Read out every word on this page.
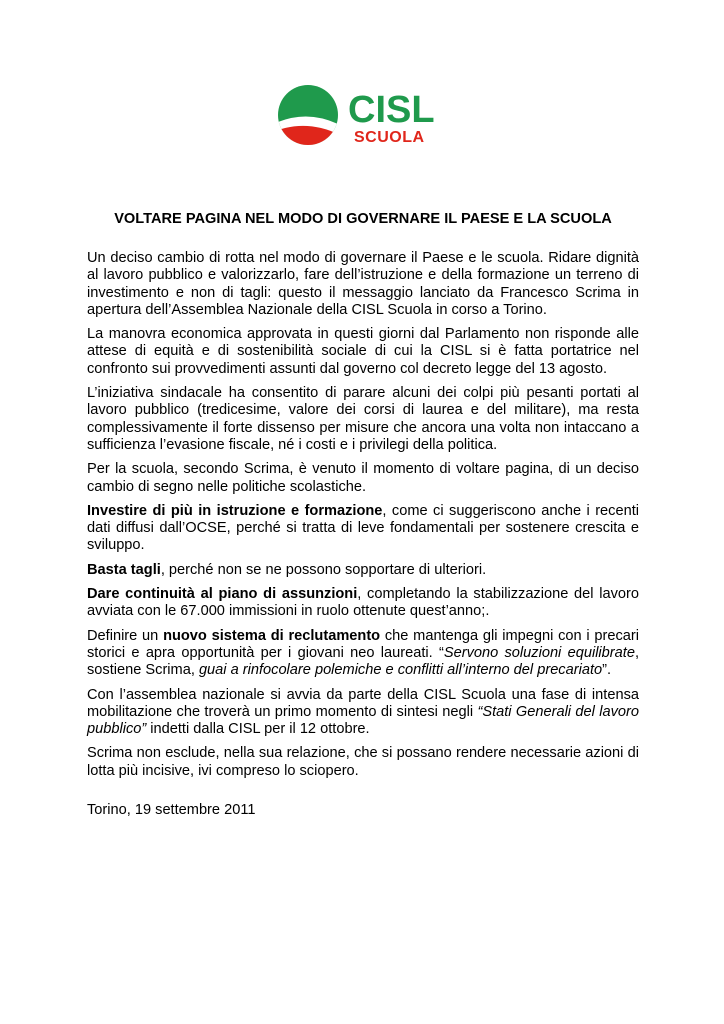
CISL
SCUOLA
VOLTARE PAGINA NEL MODO DI GOVERNARE IL PAESE E LA SCUOLA

Un deciso cambio di rotta nel modo di governare il Paese e le scuola. Ridare dignità al lavoro pubblico e valorizzarlo, fare dell’istruzione e della formazione un terreno di investimento e non di tagli: questo il messaggio lanciato da Francesco Scrima in apertura dell’Assemblea Nazionale della CISL Scuola in corso a Torino.

La manovra economica approvata in questi giorni dal Parlamento non risponde alle attese di equità e di sostenibilità sociale di cui la CISL si è fatta portatrice nel confronto sui provvedimenti assunti dal governo col decreto legge del 13 agosto.

L’iniziativa sindacale ha consentito di parare alcuni dei colpi più pesanti portati al lavoro pubblico (tredicesime, valore dei corsi di laurea e del militare), ma resta complessivamente il forte dissenso per misure che ancora una volta non intaccano a sufficienza l’evasione fiscale, né i costi e i privilegi della politica.

Per la scuola, secondo Scrima, è venuto il momento di voltare pagina, di un deciso cambio di segno nelle politiche scolastiche.

Investire di più in istruzione e formazione, come ci suggeriscono anche i recenti dati diffusi dall’OCSE, perché si tratta di leve fondamentali per sostenere crescita e sviluppo.

Basta tagli, perché non se ne possono sopportare di ulteriori.

Dare continuità al piano di assunzioni, completando la stabilizzazione del lavoro avviata con le 67.000 immissioni in ruolo ottenute quest’anno;.

Definire un nuovo sistema di reclutamento che mantenga gli impegni con i precari storici e apra opportunità per i giovani neo laureati. “Servono soluzioni equilibrate, sostiene Scrima, guai a rinfocolare polemiche e conflitti all’interno del precariato”.

Con l’assemblea nazionale si avvia da parte della CISL Scuola una fase di intensa mobilitazione che troverà un primo momento di sintesi negli “Stati Generali del lavoro pubblico” indetti dalla CISL per il 12 ottobre.

Scrima non esclude, nella sua relazione, che si possano rendere necessarie azioni di lotta più incisive, ivi compreso lo sciopero.

Torino, 19 settembre 2011
